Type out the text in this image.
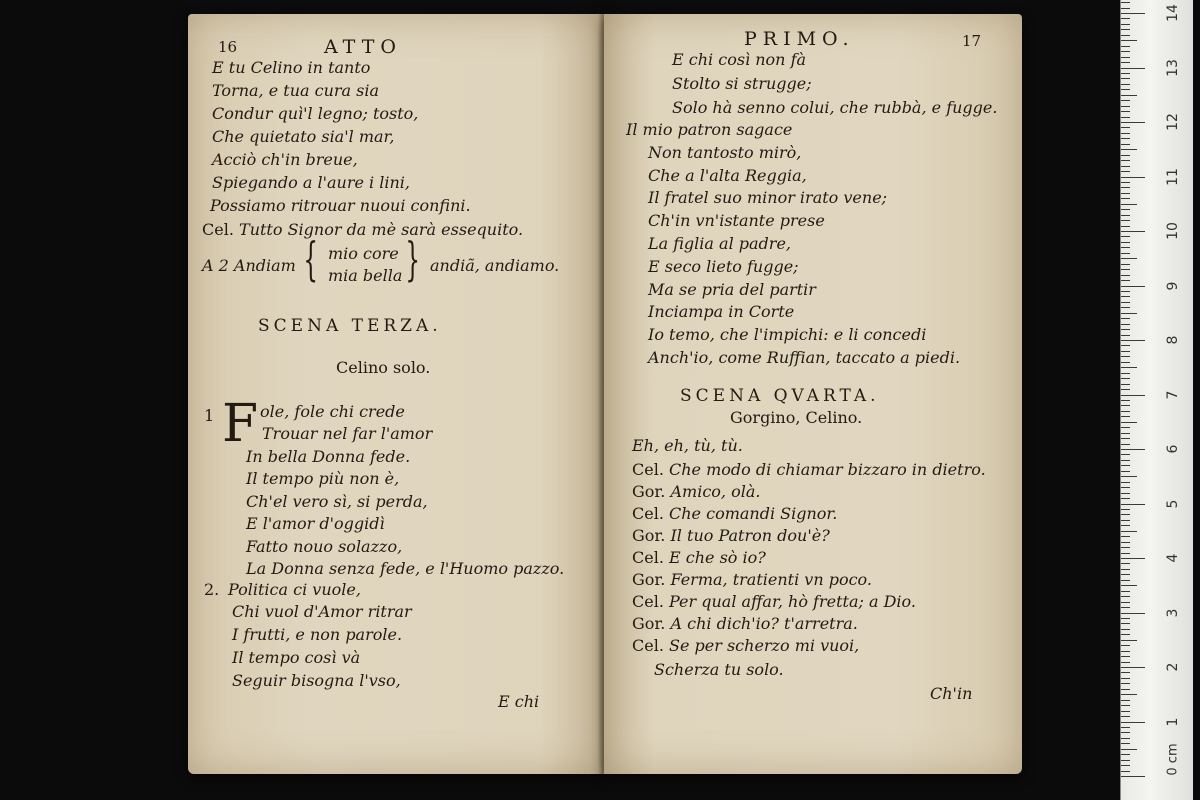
16	ATTO
E tu Celino in tanto
Torna, e tua cura sia
Condur quì'l legno; tosto,
Che quietato sia'l mar,
Acciò ch'in breue,
Spiegando a l'aure i lini,
Possiamo ritrouar nuoui confini.
Cel. Tutto Signor da mè sarà essequito.
A 2 Andiam { mio core
mia bella } andiã, andiamo.
SCENA TERZA.
Celino solo.
1 F ole, fole chi crede
Trouar nel far l'amor
In bella Donna fede.
Il tempo più non è,
Ch'el vero sì, si perda,
E l'amor d'oggidì
Fatto nouo solazzo,
La Donna senza fede, e l'Huomo pazzo.
2. Politica ci vuole,
Chi vuol d'Amor ritrar
I frutti, e non parole.
Il tempo così và
Seguir bisogna l'vso,
E chi
PRIMO.	17
E chi così non fà
Stolto si strugge;
Solo hà senno colui, che rubbà, e fugge.
Il mio patron sagace
Non tantosto mirò,
Che a l'alta Reggia,
Il fratel suo minor irato vene;
Ch'in vn'istante prese
La figlia al padre,
E seco lieto fugge;
Ma se pria del partir
Inciampa in Corte
Io temo, che l'impichi: e li concedi
Anch'io, come Ruffian, taccato a piedi.
SCENA QVARTA.
Gorgino, Celino.
Eh, eh, tù, tù.
Cel. Che modo di chiamar bizzaro in dietro.
Gor. Amico, olà.
Cel. Che comandi Signor.
Gor. Il tuo Patron dou'è?
Cel. E che sò io?
Gor. Ferma, tratienti vn poco.
Cel. Per qual affar, hò fretta; a Dio.
Gor. A chi dich'io? t'arretra.
Cel. Se per scherzo mi vuoi,
Scherza tu solo.
Ch'in
1
2
3
4
5
6
7
8
9
10
11
12
13
14
0 cm
